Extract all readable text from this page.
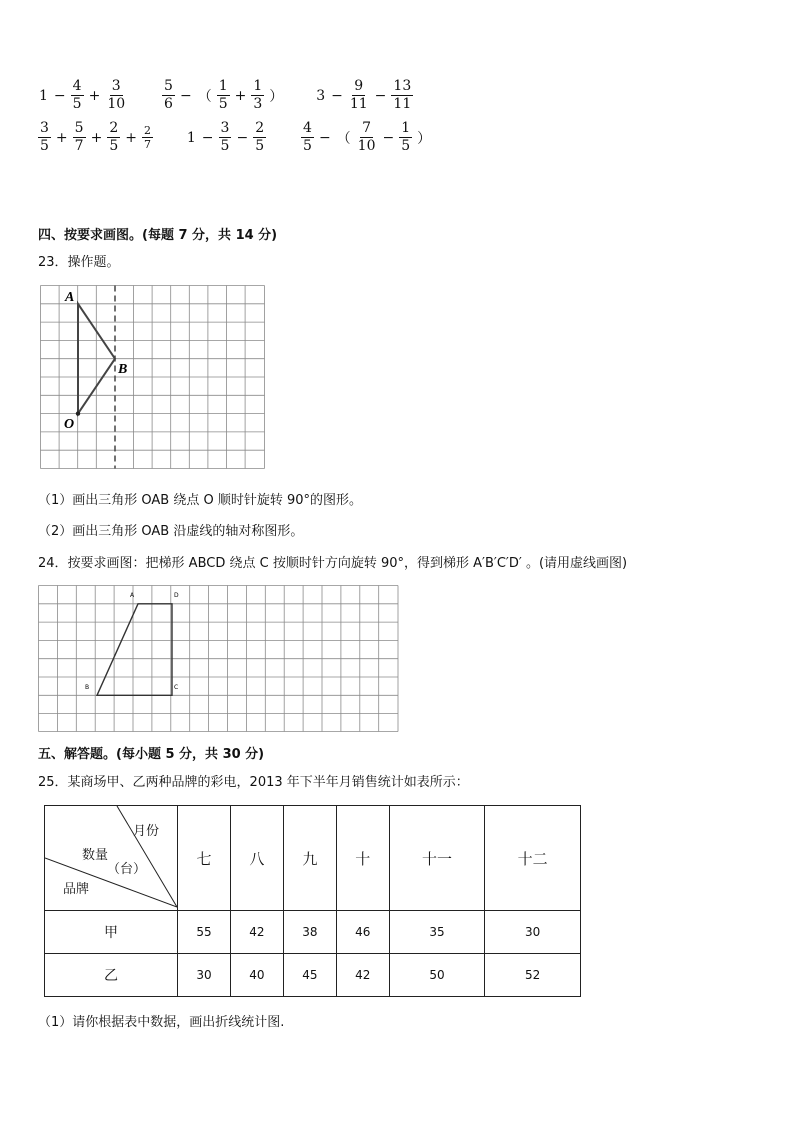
$1 - \frac{4}{5} + \frac{3}{10}$
$\frac{5}{6}$ − （ $\frac{1}{5} + \frac{1}{3}$ ） $3 - \frac{9}{11} - \frac{13}{11}$
$\frac{3}{5} + \frac{5}{7} + \frac{2}{5} + \frac{2}{7} 1 - \frac{3}{5} - \frac{2}{5}$
$\frac{4}{5}$ − （ $\frac{7}{10} - \frac{1}{5}$ ）
四、按要求画图。(每题 7 分，共 14 分)
23．操作题。
A
B
O
（1）画出三角形 OAB 绕点 O 顺时针旋转 90°的图形。
（2）画出三角形 OAB 沿虚线的轴对称图形。
24．按要求画图：把梯形 ABCD 绕点 C 按顺时针方向旋转 90°，得到梯形 A′B′C′D′ 。(请用虚线画图)
A	D
B	C
五、解答题。(每小题 5 分，共 30 分)
25．某商场甲、乙两种品牌的彩电，2013 年下半年月销售统计如表所示：
月份
数量
（台）
品牌	七	八	九	十	十一	十二
甲	55	42	38	46	35	30
乙	30	40	45	42	50	52
（1）请你根据表中数据，画出折线统计图.
